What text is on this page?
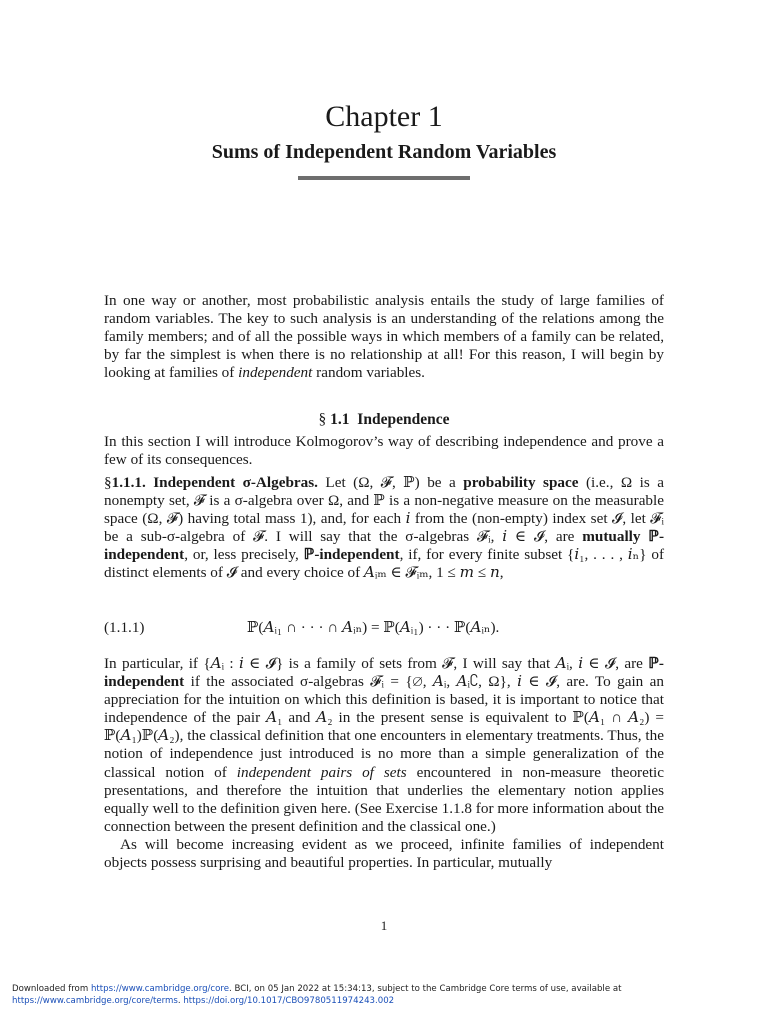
Chapter 1
Sums of Independent Random Variables

In one way or another, most probabilistic analysis entails the study of large families of random variables. The key to such analysis is an understanding of the relations among the family members; and of all the possible ways in which members of a family can be related, by far the simplest is when there is no relationship at all! For this reason, I will begin by looking at families of independent random variables.

§ 1.1 Independence

In this section I will introduce Kolmogorov’s way of describing independence and prove a few of its consequences.

§1.1.1. Independent σ-Algebras. Let (Ω, 𝓕, ℙ) be a probability space (i.e., Ω is a nonempty set, 𝓕 is a σ-algebra over Ω, and ℙ is a non-negative measure on the measurable space (Ω, 𝓕) having total mass 1), and, for each 𝑖 from the (non-empty) index set 𝓘, let 𝓕ᵢ be a sub-σ-algebra of 𝓕. I will say that the σ-algebras 𝓕ᵢ, 𝑖 ∈ 𝓘, are mutually ℙ-independent, or, less precisely, ℙ-independent, if, for every finite subset {𝑖₁, . . . , 𝑖ₙ} of distinct elements of 𝓘 and every choice of 𝐴ᵢₘ ∈ 𝓕ᵢₘ, 1 ≤ 𝑚 ≤ 𝑛,

(1.1.1)	ℙ(𝐴ᵢ₁ ∩ · · · ∩ 𝐴ᵢₙ) = ℙ(𝐴ᵢ₁) · · · ℙ(𝐴ᵢₙ).

In particular, if {𝐴ᵢ : 𝑖 ∈ 𝓘} is a family of sets from 𝓕, I will say that 𝐴ᵢ, 𝑖 ∈ 𝓘, are ℙ-independent if the associated σ-algebras 𝓕ᵢ = {∅, 𝐴ᵢ, 𝐴ᵢ∁, Ω}, 𝑖 ∈ 𝓘, are. To gain an appreciation for the intuition on which this definition is based, it is important to notice that independence of the pair 𝐴₁ and 𝐴₂ in the present sense is equivalent to ℙ(𝐴₁ ∩ 𝐴₂) = ℙ(𝐴₁)ℙ(𝐴₂), the classical definition that one encounters in elementary treatments. Thus, the notion of independence just introduced is no more than a simple generalization of the classical notion of independent pairs of sets encountered in non-measure theoretic presentations, and therefore the intuition that underlies the elementary notion applies equally well to the definition given here. (See Exercise 1.1.8 for more information about the connection between the present definition and the classical one.)

As will become increasing evident as we proceed, infinite families of independent objects possess surprising and beautiful properties. In particular, mutually

1
Downloaded from https://www.cambridge.org/core. BCI, on 05 Jan 2022 at 15:34:13, subject to the Cambridge Core terms of use, available at
https://www.cambridge.org/core/terms. https://doi.org/10.1017/CBO9780511974243.002
